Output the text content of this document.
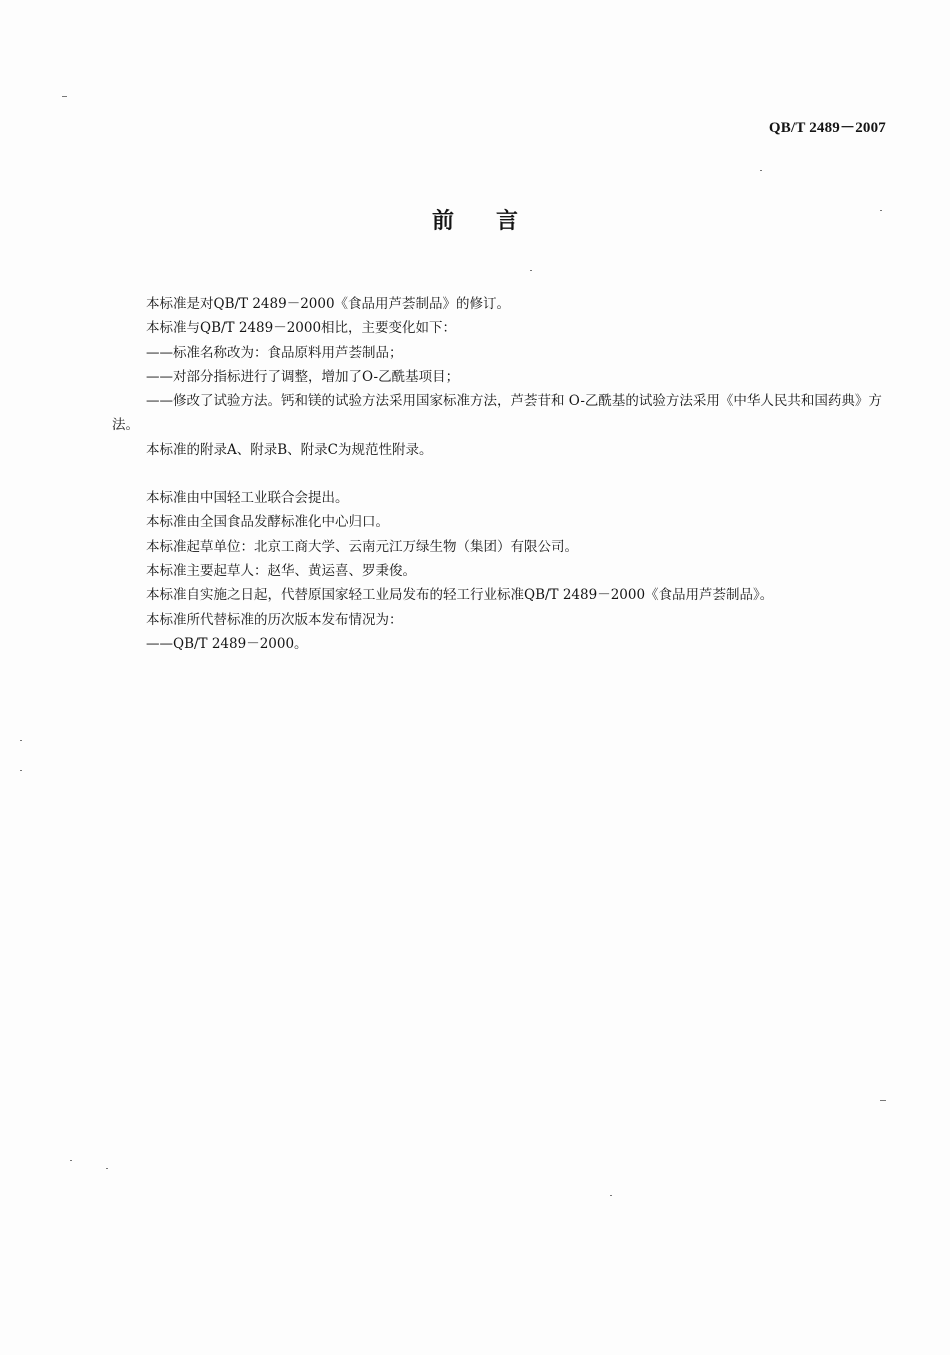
QB/T 2489－2007
前言

本标准是对QB/T 2489－2000《食品用芦荟制品》的修订。

本标准与QB/T 2489－2000相比，主要变化如下：

——标准名称改为：食品原料用芦荟制品；

——对部分指标进行了调整，增加了O-乙酰基项目；

——修改了试验方法。钙和镁的试验方法采用国家标准方法，芦荟苷和 O-乙酰基的试验方法采用《中华人民共和国药典》方法。

本标准的附录A、附录B、附录C为规范性附录。

本标准由中国轻工业联合会提出。

本标准由全国食品发酵标准化中心归口。

本标准起草单位：北京工商大学、云南元江万绿生物（集团）有限公司。

本标准主要起草人：赵华、黄运喜、罗秉俊。

本标准自实施之日起，代替原国家轻工业局发布的轻工行业标准QB/T 2489－2000《食品用芦荟制品》。

本标准所代替标准的历次版本发布情况为：

——QB/T 2489－2000。
